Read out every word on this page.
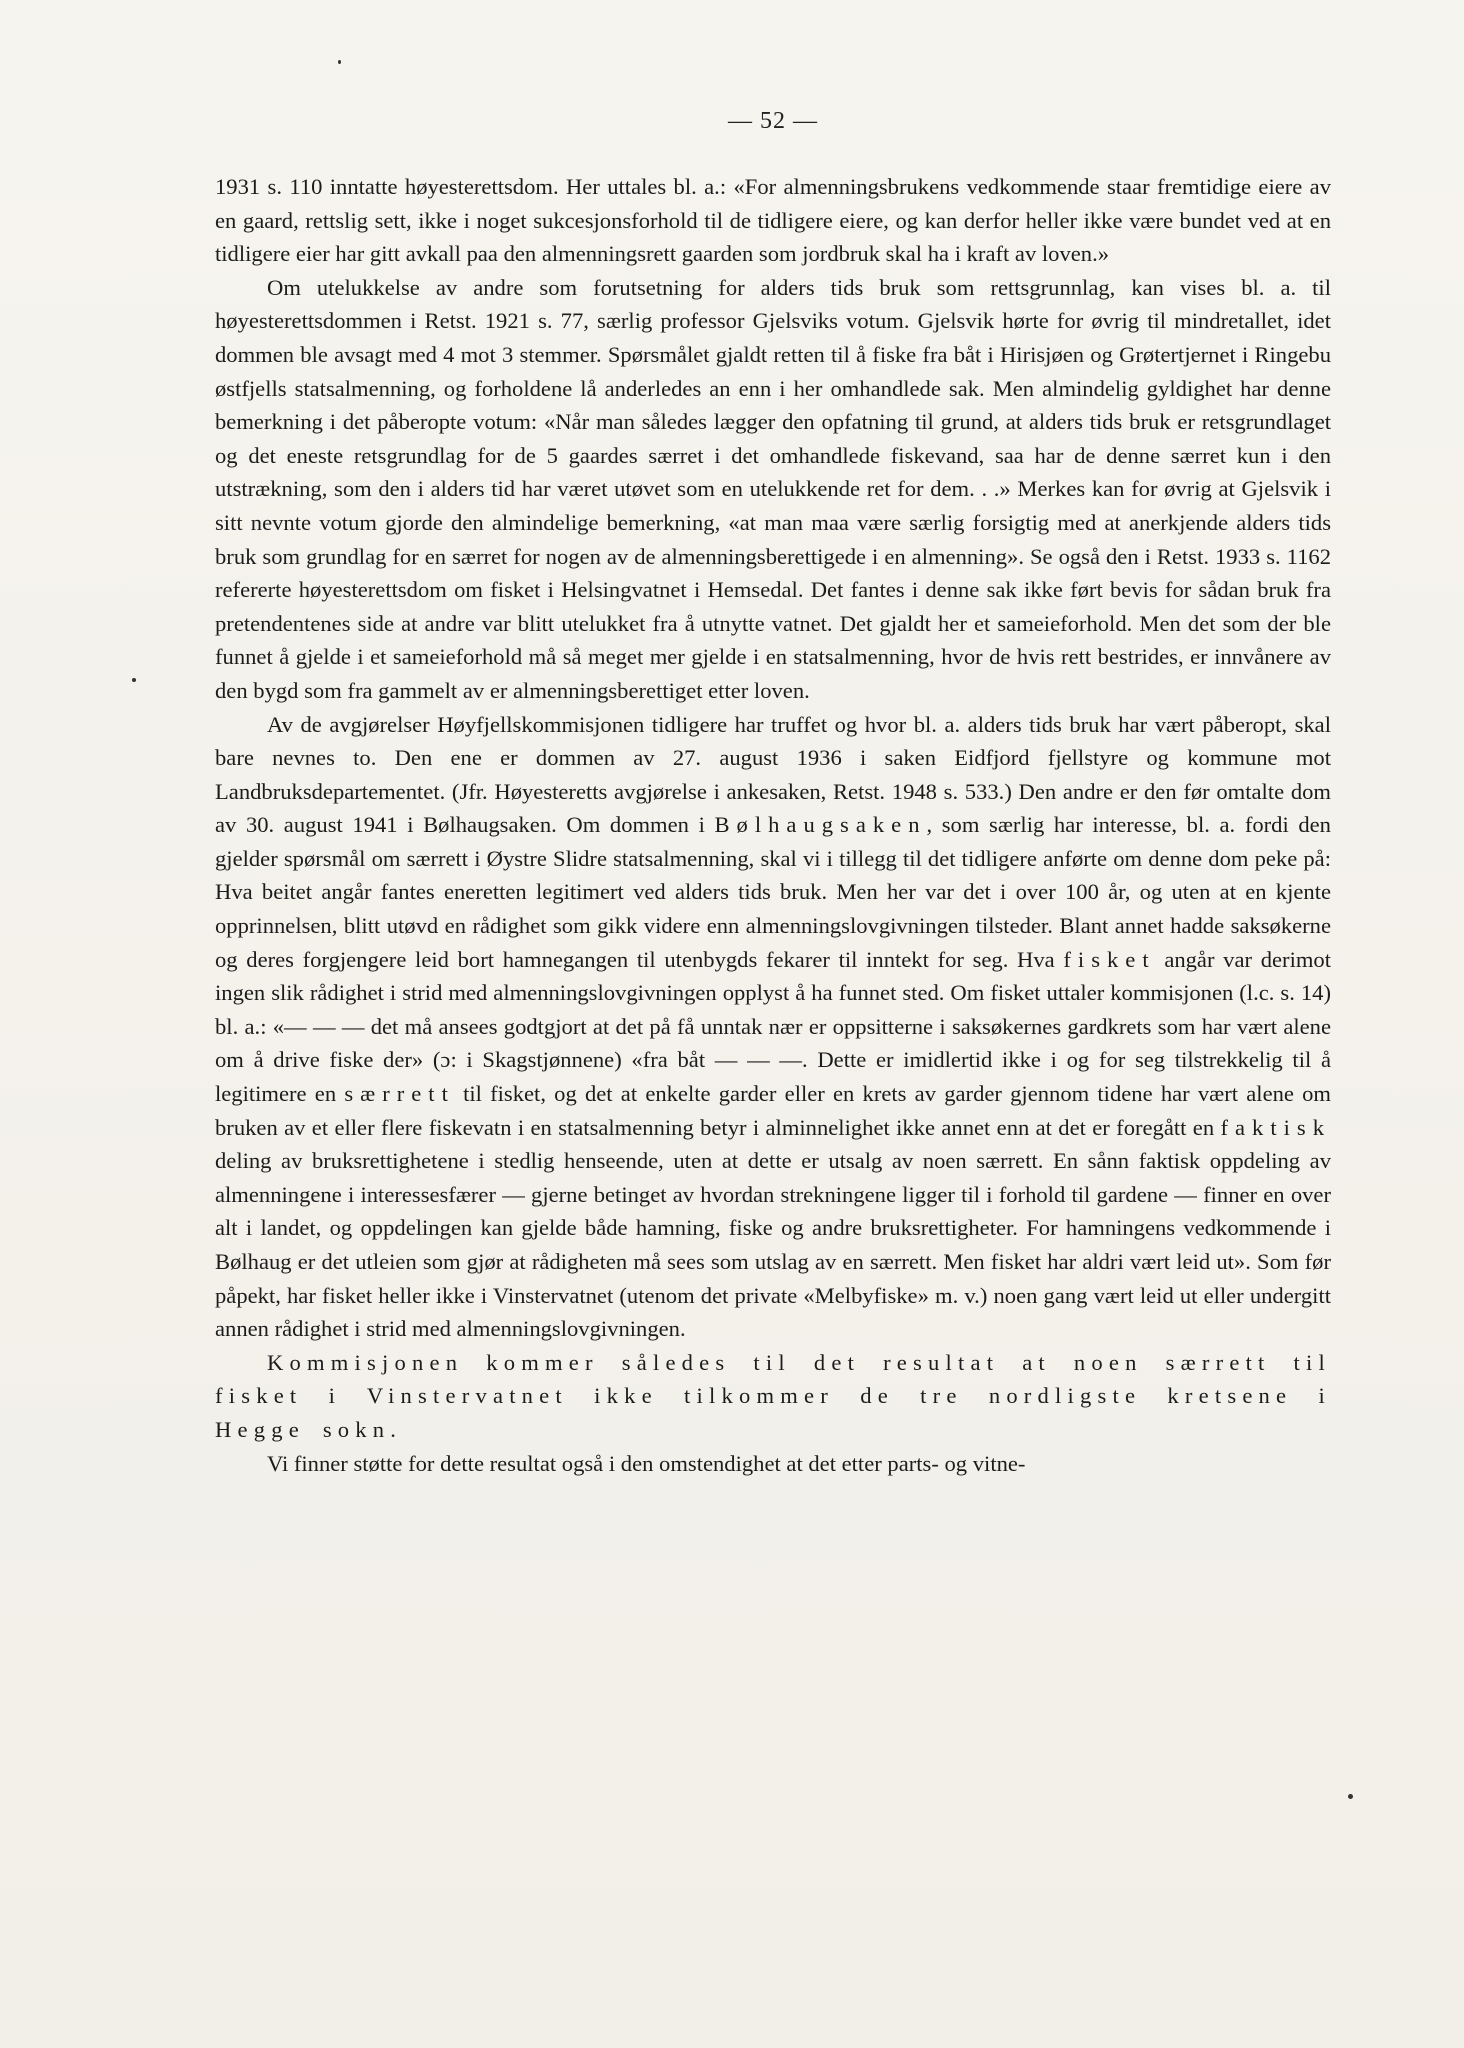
— 52 —

1931 s. 110 inntatte høyesterettsdom. Her uttales bl. a.: «For almenningsbrukens vedkommende staar fremtidige eiere av en gaard, rettslig sett, ikke i noget sukcesjonsforhold til de tidligere eiere, og kan derfor heller ikke være bundet ved at en tidligere eier har gitt avkall paa den almenningsrett gaarden som jordbruk skal ha i kraft av loven.»

Om utelukkelse av andre som forutsetning for alders tids bruk som rettsgrunnlag, kan vises bl. a. til høyesterettsdommen i Retst. 1921 s. 77, særlig professor Gjelsviks votum. Gjelsvik hørte for øvrig til mindretallet, idet dommen ble avsagt med 4 mot 3 stemmer. Spørsmålet gjaldt retten til å fiske fra båt i Hirisjøen og Grøtertjernet i Ringebu østfjells statsalmenning, og forholdene lå anderledes an enn i her omhandlede sak. Men almindelig gyldighet har denne bemerkning i det påberopte votum: «Når man således lægger den opfatning til grund, at alders tids bruk er retsgrundlaget og det eneste retsgrundlag for de 5 gaardes særret i det omhandlede fiskevand, saa har de denne særret kun i den utstrækning, som den i alders tid har været utøvet som en utelukkende ret for dem. . .» Merkes kan for øvrig at Gjelsvik i sitt nevnte votum gjorde den almindelige bemerkning, «at man maa være særlig forsigtig med at anerkjende alders tids bruk som grundlag for en særret for nogen av de almenningsberettigede i en almenning». Se også den i Retst. 1933 s. 1162 refererte høyesterettsdom om fisket i Helsingvatnet i Hemsedal. Det fantes i denne sak ikke ført bevis for sådan bruk fra pretendentenes side at andre var blitt utelukket fra å utnytte vatnet. Det gjaldt her et sameieforhold. Men det som der ble funnet å gjelde i et sameieforhold må så meget mer gjelde i en statsalmenning, hvor de hvis rett bestrides, er innvånere av den bygd som fra gammelt av er almenningsberettiget etter loven.

Av de avgjørelser Høyfjellskommisjonen tidligere har truffet og hvor bl. a. alders tids bruk har vært påberopt, skal bare nevnes to. Den ene er dommen av 27. august 1936 i saken Eidfjord fjellstyre og kommune mot Landbruksdepartementet. (Jfr. Høyesteretts avgjørelse i ankesaken, Retst. 1948 s. 533.) Den andre er den før omtalte dom av 30. august 1941 i Bølhaugsaken. Om dommen i Bølhaugsaken, som særlig har interesse, bl. a. fordi den gjelder spørsmål om særrett i Øystre Slidre statsalmenning, skal vi i tillegg til det tidligere anførte om denne dom peke på: Hva beitet angår fantes eneretten legitimert ved alders tids bruk. Men her var det i over 100 år, og uten at en kjente opprinnelsen, blitt utøvd en rådighet som gikk videre enn almenningslovgivningen tilsteder. Blant annet hadde saksøkerne og deres forgjengere leid bort hamnegangen til utenbygds fekarer til inntekt for seg. Hva fisket angår var derimot ingen slik rådighet i strid med almenningslovgivningen opplyst å ha funnet sted. Om fisket uttaler kommisjonen (l.c. s. 14) bl. a.: «— — — det må ansees godtgjort at det på få unntak nær er oppsitterne i saksøkernes gardkrets som har vært alene om å drive fiske der» (ɔ: i Skagstjønnene) «fra båt — — —. Dette er imidlertid ikke i og for seg tilstrekkelig til å legitimere en særrett til fisket, og det at enkelte garder eller en krets av garder gjennom tidene har vært alene om bruken av et eller flere fiskevatn i en statsalmenning betyr i alminnelighet ikke annet enn at det er foregått en faktisk deling av bruksrettighetene i stedlig henseende, uten at dette er utsalg av noen særrett. En sånn faktisk oppdeling av almenningene i interessesfærer — gjerne betinget av hvordan strekningene ligger til i forhold til gardene — finner en over alt i landet, og oppdelingen kan gjelde både hamning, fiske og andre bruksrettigheter. For hamningens vedkommende i Bølhaug er det utleien som gjør at rådigheten må sees som utslag av en særrett. Men fisket har aldri vært leid ut». Som før påpekt, har fisket heller ikke i Vinstervatnet (utenom det private «Melbyfiske» m. v.) noen gang vært leid ut eller undergitt annen rådighet i strid med almenningslovgivningen.

Kommisjonen kommer således til det resultat at noen særrett til fisket i Vinstervatnet ikke tilkommer de tre nordligste kretsene i Hegge sokn.

Vi finner støtte for dette resultat også i den omstendighet at det etter parts- og vitne-
